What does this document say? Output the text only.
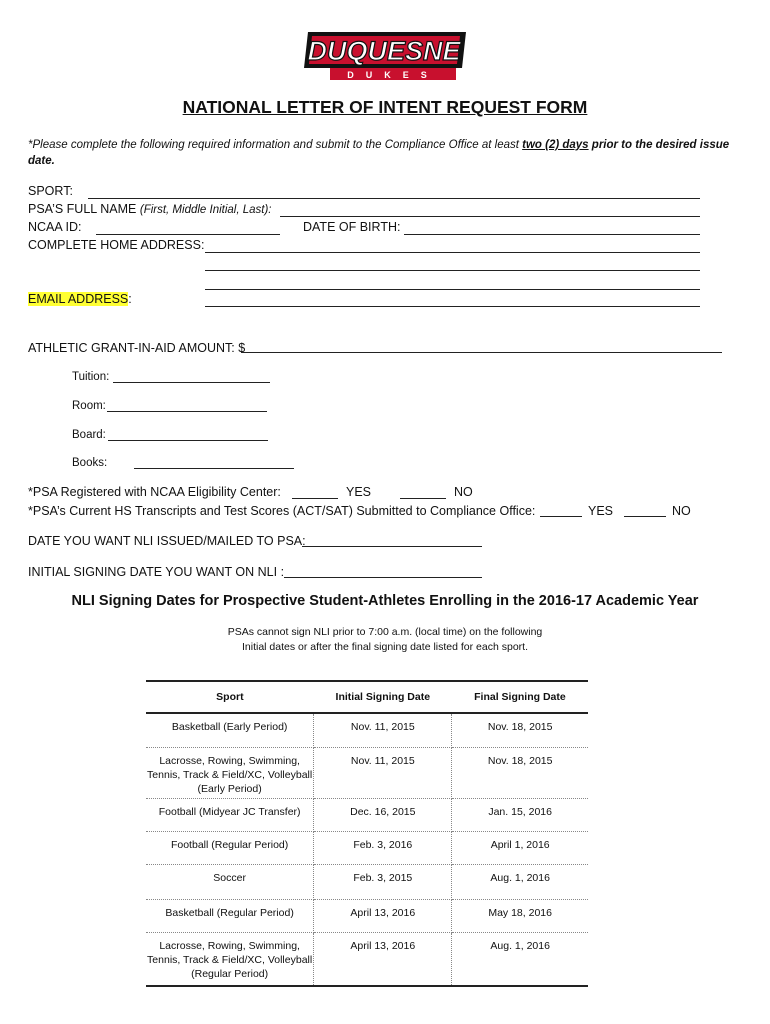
DUQUESNE
DUKES
NATIONAL LETTER OF INTENT REQUEST FORM
*Please complete the following required information and submit to the Compliance Office at least two (2) days prior to the desired issue date.
SPORT:
PSA’S FULL NAME (First, Middle Initial, Last):
NCAA ID:	DATE OF BIRTH:
COMPLETE HOME ADDRESS:
EMAIL ADDRESS:
ATHLETIC GRANT-IN-AID AMOUNT: $
Tuition:
Room:
Board:
Books:
*PSA Registered with NCAA Eligibility Center:	YES	NO
*PSA’s Current HS Transcripts and Test Scores (ACT/SAT) Submitted to Compliance Office:	YES	NO
DATE YOU WANT NLI ISSUED/MAILED TO PSA:
INITIAL SIGNING DATE YOU WANT ON NLI :
NLI Signing Dates for Prospective Student-Athletes Enrolling in the 2016-17 Academic Year
PSAs cannot sign NLI prior to 7:00 a.m. (local time) on the following
Initial dates or after the final signing date listed for each sport.
Sport	Initial Signing Date	Final Signing Date

Basketball (Early Period)	Nov. 11, 2015	Nov. 18, 2015

Lacrosse, Rowing, Swimming,
Tennis, Track & Field/XC, Volleyball
(Early Period)	Nov. 11, 2015	Nov. 18, 2015

Football (Midyear JC Transfer)	Dec. 16, 2015	Jan. 15, 2016

Football (Regular Period)	Feb. 3, 2016	April 1, 2016

Soccer	Feb. 3, 2015	Aug. 1, 2016

Basketball (Regular Period)	April 13, 2016	May 18, 2016

Lacrosse, Rowing, Swimming,
Tennis, Track & Field/XC, Volleyball
(Regular Period)	April 13, 2016	Aug. 1, 2016
